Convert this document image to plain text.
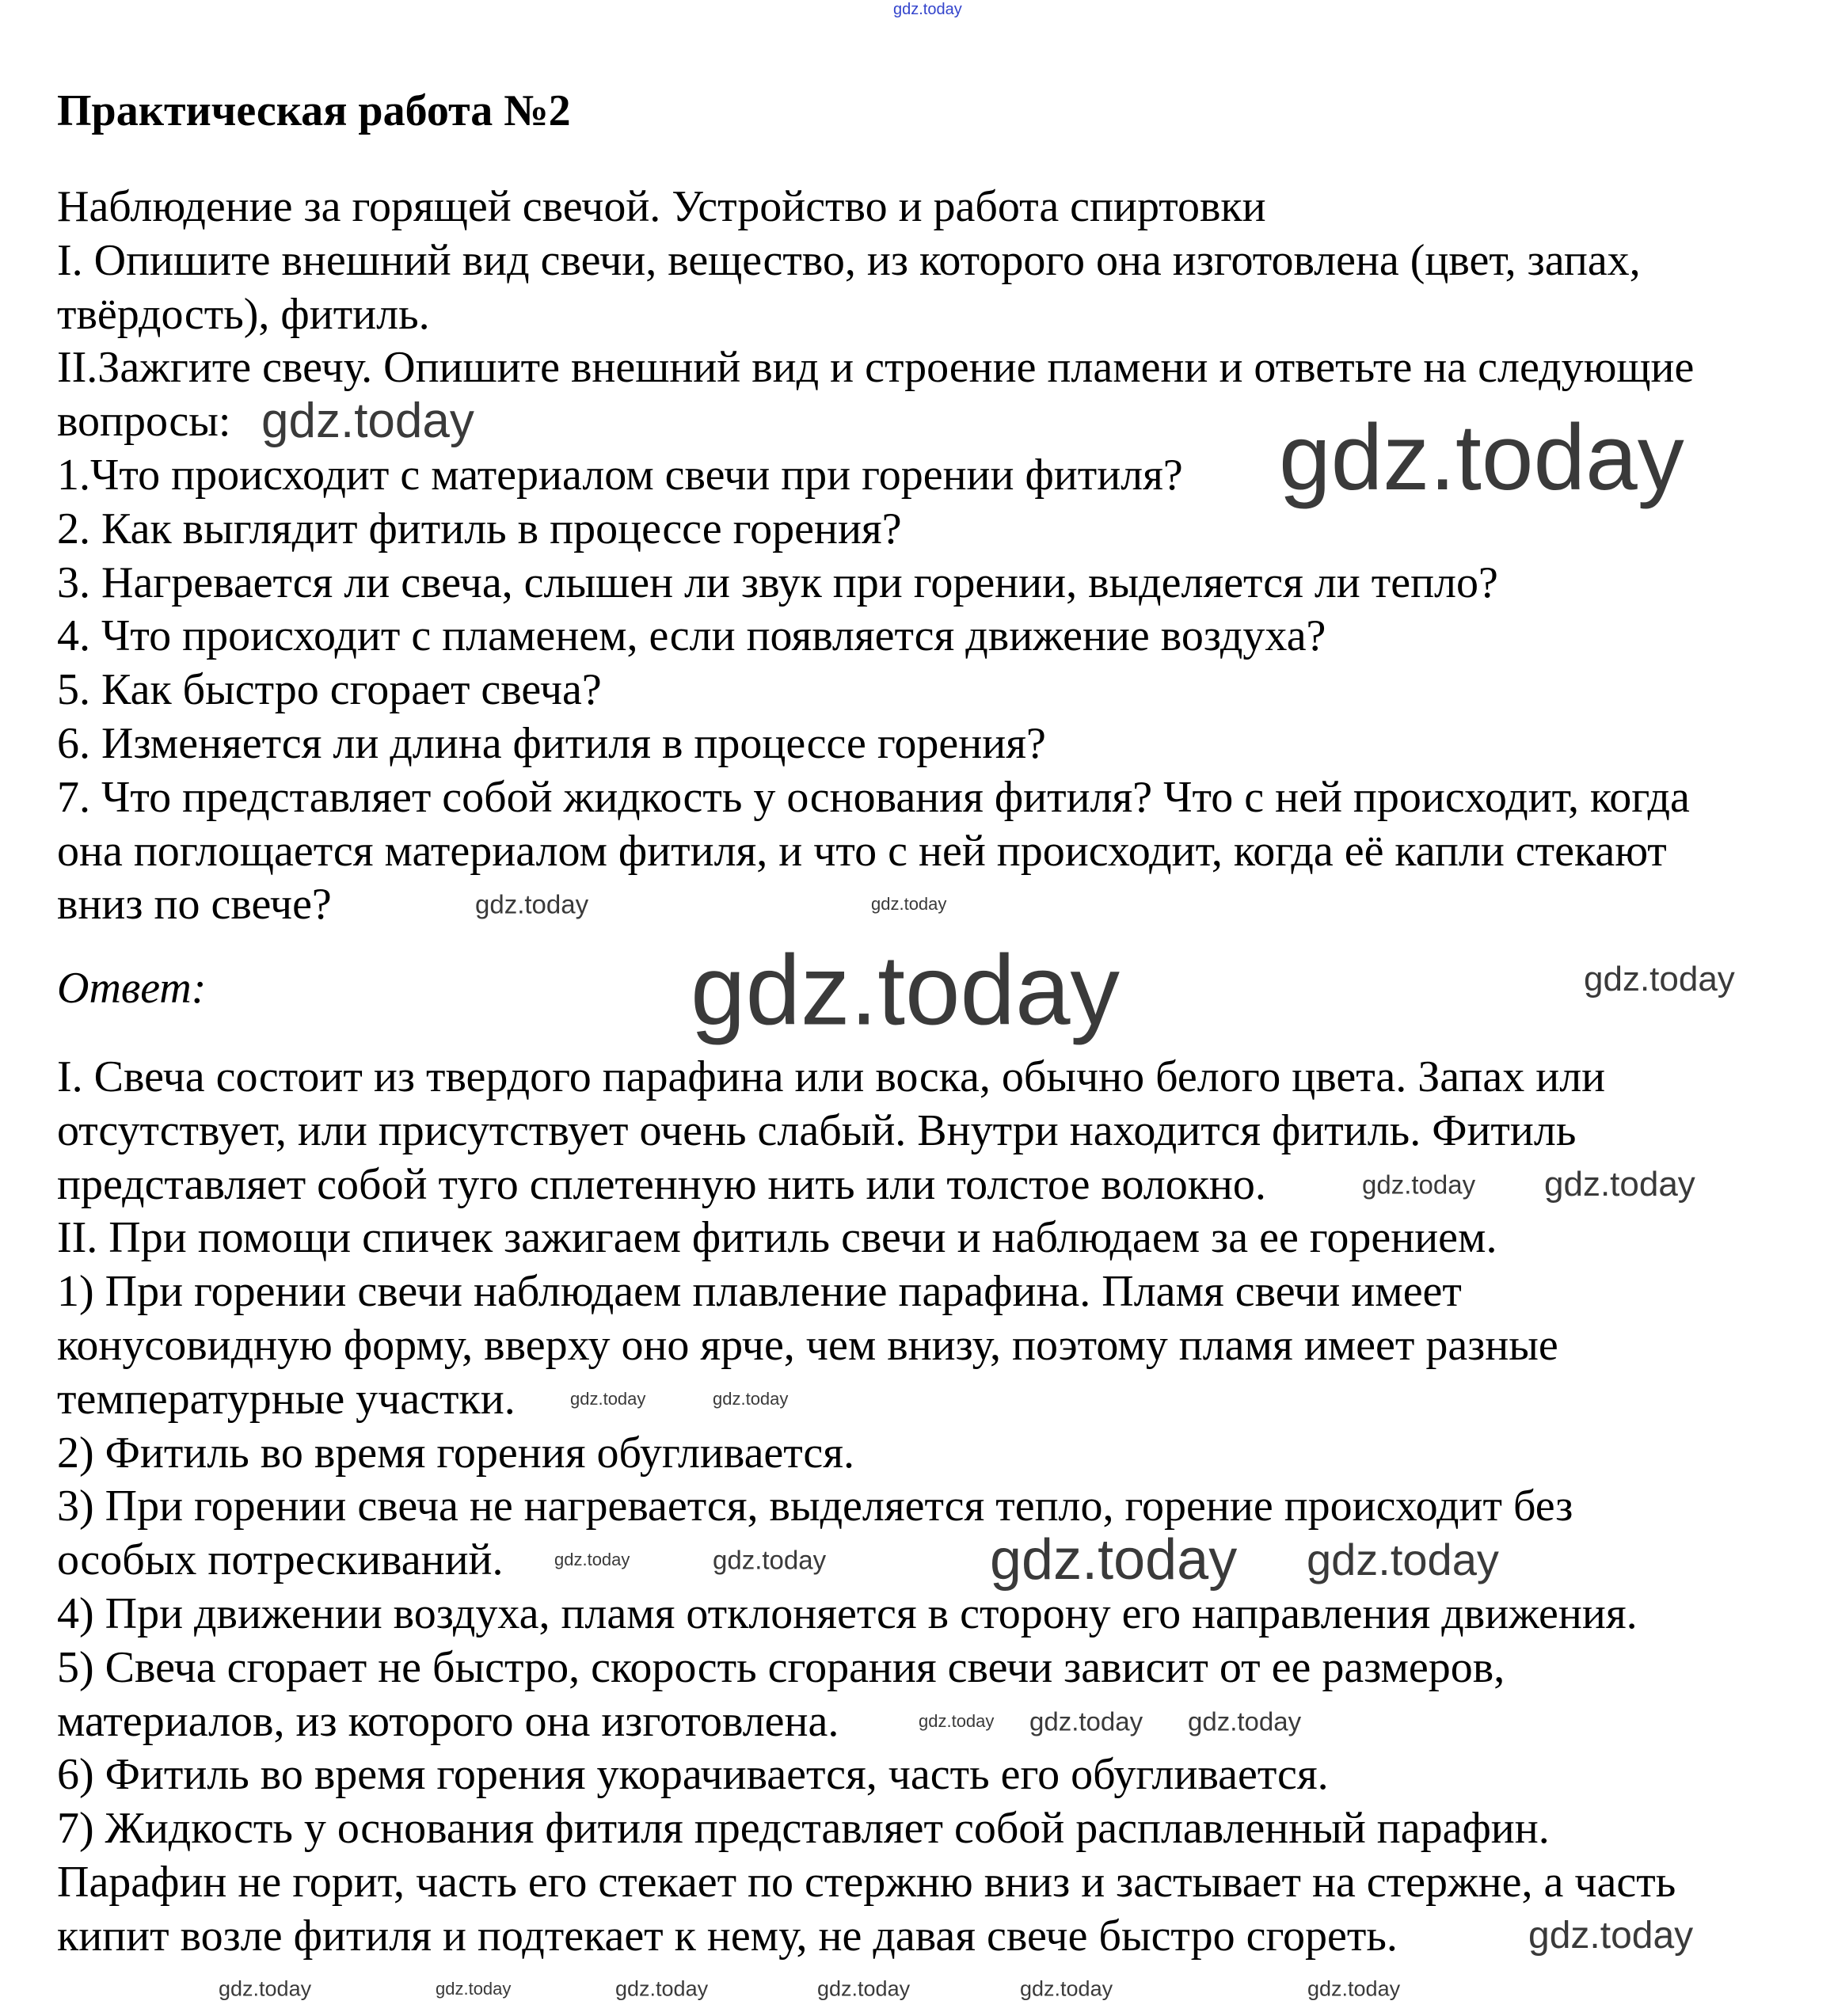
Практическая работа №2
Наблюдение за горящей свечой. Устройство и работа спиртовки
I. Опишите внешний вид свечи, вещество, из которого она изготовлена (цвет, запах,
твёрдость), фитиль.
II.Зажгите свечу. Опишите внешний вид и строение пламени и ответьте на следующие
вопросы:
1.Что происходит с материалом свечи при горении фитиля?
2. Как выглядит фитиль в процессе горения?
3. Нагревается ли свеча, слышен ли звук при горении, выделяется ли тепло?
4. Что происходит с пламенем, если появляется движение воздуха?
5. Как быстро сгорает свеча?
6. Изменяется ли длина фитиля в процессе горения?
7. Что представляет собой жидкость у основания фитиля? Что с ней происходит, когда
она поглощается материалом фитиля, и что с ней происходит, когда её капли стекают
вниз по свече?
Ответ:
I. Свеча состоит из твердого парафина или воска, обычно белого цвета. Запах или
отсутствует, или присутствует очень слабый. Внутри находится фитиль. Фитиль
представляет собой туго сплетенную нить или толстое волокно.
II. При помощи спичек зажигаем фитиль свечи и наблюдаем за ее горением.
1) При горении свечи наблюдаем плавление парафина. Пламя свечи имеет
конусовидную форму, вверху оно ярче, чем внизу, поэтому пламя имеет разные
температурные участки.
2) Фитиль во время горения обугливается.
3) При горении свеча не нагревается, выделяется тепло, горение происходит без
особых потрескиваний.
4) При движении воздуха, пламя отклоняется в сторону его направления движения.
5) Свеча сгорает не быстро, скорость сгорания свечи зависит от ее размеров,
материалов, из которого она изготовлена.
6) Фитиль во время горения укорачивается, часть его обугливается.
7) Жидкость у основания фитиля представляет собой расплавленный парафин.
Парафин не горит, часть его стекает по стержню вниз и застывает на стержне, а часть
кипит возле фитиля и подтекает к нему, не давая свече быстро сгореть.
gdz.today
gdz.today	gdz.today
gdz.today
gdz.today
gdz.today	gdz.today
gdz.today gdz.today
gdz.today	gdz.today
gdz.today	gdz.today	gdz.today gdz.today
gdz.today gdz.today gdz.today
gdz.today	gdz.today	gdz.today	gdz.today	gdz.today	gdz.today
gdz.today
